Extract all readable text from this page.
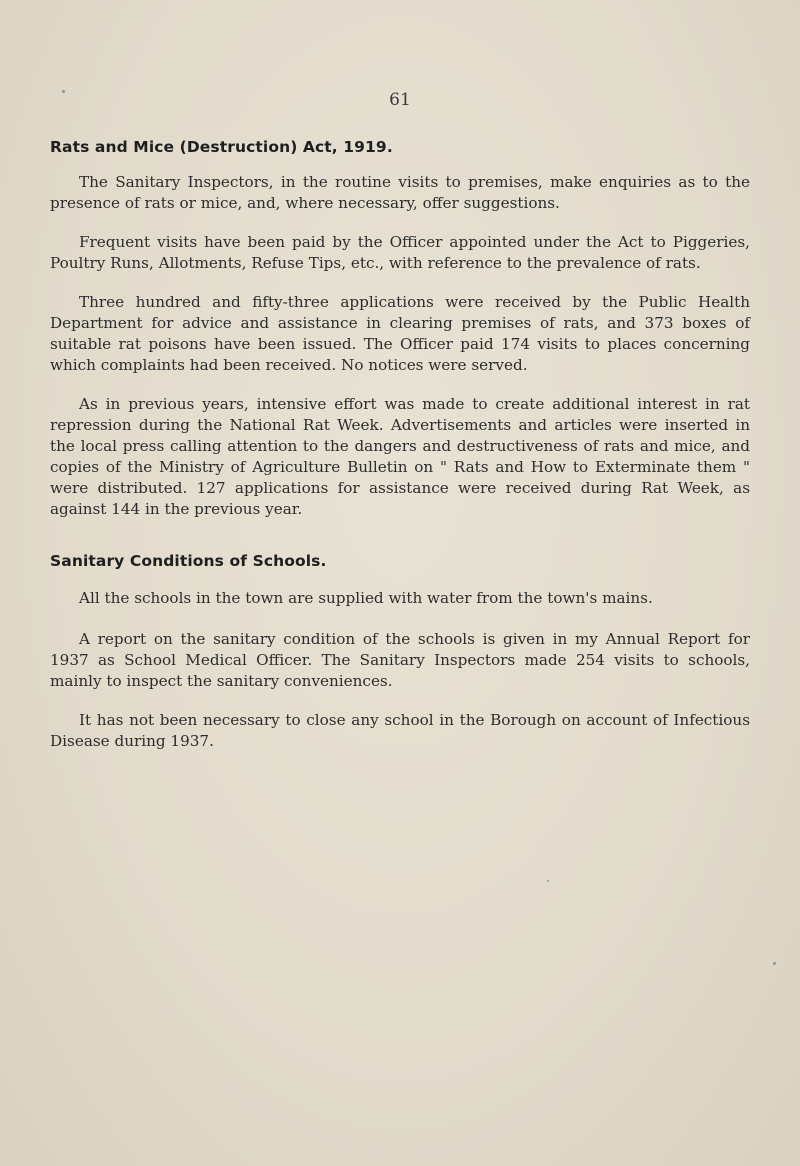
61
Rats and Mice (Destruction) Act, 1919.

The Sanitary Inspectors, in the routine visits to premises, make enquiries as to the presence of rats or mice, and, where necessary, offer suggestions.

Frequent visits have been paid by the Officer appointed under the Act to Piggeries, Poultry Runs, Allotments, Refuse Tips, etc., with reference to the prevalence of rats.

Three hundred and fifty-three applications were received by the Public Health Department for advice and assistance in clearing premises of rats, and 373 boxes of suitable rat poisons have been issued. The Officer paid 174 visits to places concerning which complaints had been received. No notices were served.

As in previous years, intensive effort was made to create additional interest in rat repression during the National Rat Week. Advertisements and articles were inserted in the local press calling attention to the dangers and destructiveness of rats and mice, and copies of the Ministry of Agriculture Bulletin on " Rats and How to Exterminate them " were distributed. 127 applications for assistance were received during Rat Week, as against 144 in the previous year.

Sanitary Conditions of Schools.

All the schools in the town are supplied with water from the town's mains.

A report on the sanitary condition of the schools is given in my Annual Report for 1937 as School Medical Officer. The Sanitary Inspectors made 254 visits to schools, mainly to inspect the sanitary conveniences.

It has not been necessary to close any school in the Borough on account of Infectious Disease during 1937.
